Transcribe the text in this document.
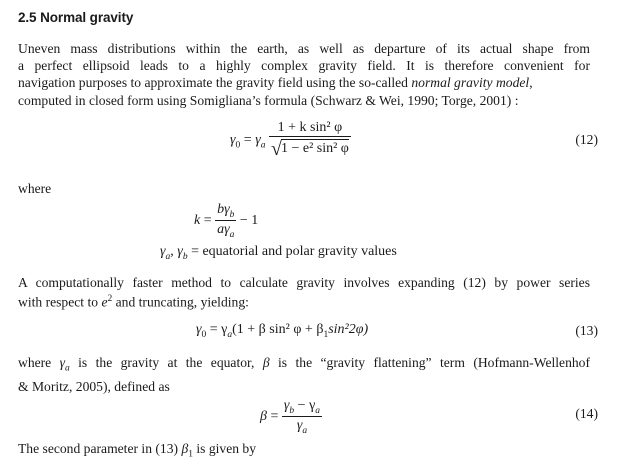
2.5 Normal gravity
Uneven mass distributions within the earth, as well as departure of its actual shape from
a perfect ellipsoid leads to a highly complex gravity field. It is therefore convenient for
navigation purposes to approximate the gravity field using the so-called normal gravity model,
computed in closed form using Somigliana’s formula (Schwarz & Wei, 1990; Torge, 2001) :
$\gamma_0 = \gamma_a \frac{\text{1 + k sin² φ}}{\text{√1 − e² sin² φ}}$	(12)
where
$k = \frac{b\gamma_b}{a\gamma_a} - 1$
$\gamma_a$, $\gamma_b$ = equatorial and polar gravity values
A computationally faster method to calculate gravity involves expanding (12) by power series
with respect to $e^2$ and truncating, yielding:
$\gamma_0 = \gamma_a(1 + \beta$ sin² $\varphi + \beta_1\sin^22\varphi$)	(13)
where $\gamma_a$ is the gravity at the equator, β is the “gravity flattening” term (Hofmann-Wellenhof
& Moritz, 2005), defined as
$\beta = \frac{\gamma_b - \gamma_a}{\gamma_a}$	(14)
The second parameter in (13) $\beta_1$ is given by
